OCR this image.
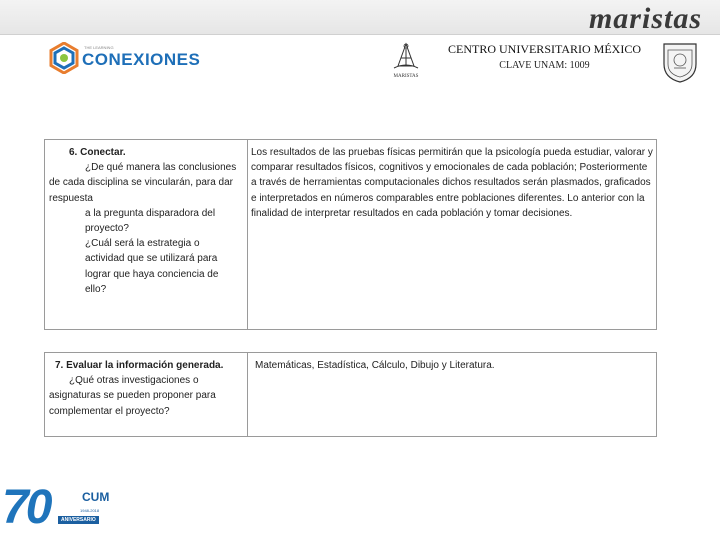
maristas
THE LEARNING
CONEXIONES
MARISTAS
CENTRO UNIVERSITARIO MÉXICO
CLAVE UNAM: 1009
6. Conectar.
¿De qué manera las conclusiones de cada disciplina se vincularán, para dar respuesta
a la pregunta disparadora del proyecto?
¿Cuál será la estrategia o actividad que se utilizará para lograr que haya conciencia de ello?
Los resultados de las pruebas físicas permitirán que la psicología pueda estudiar, valorar y comparar resultados físicos, cognitivos y emocionales de cada población; Posteriormente a través de herramientas computacionales dichos resultados serán plasmados, graficados e interpretados en números comparables entre poblaciones diferentes. Lo anterior con la finalidad de interpretar resultados en cada población y tomar decisiones.
7. Evaluar la información generada.
¿Qué otras investigaciones o asignaturas se pueden proponer para complementar el proyecto?
Matemáticas, Estadística, Cálculo, Dibujo y Literatura.
70	CUM
1948-2018
ANIVERSARIO
